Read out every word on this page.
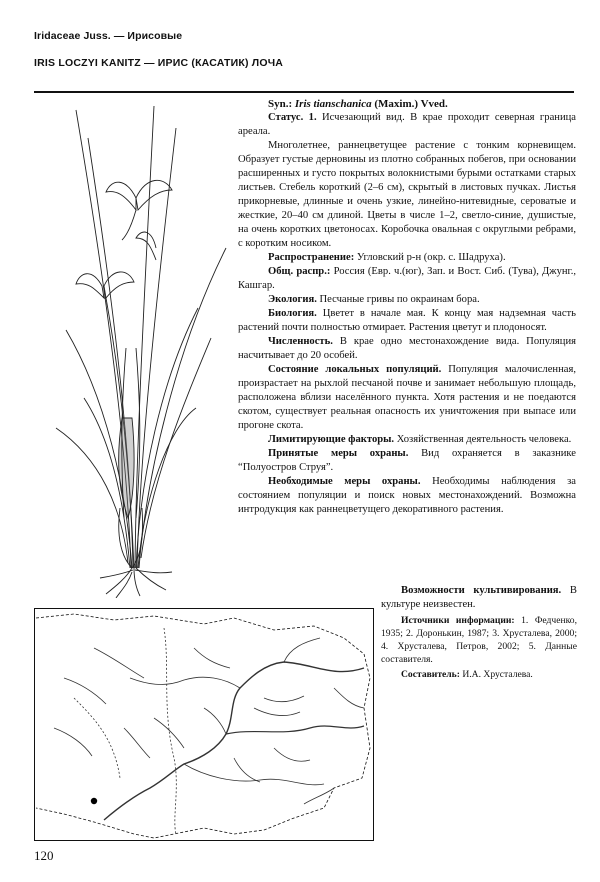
Iridaceae Juss. — Ирисовые
IRIS LOCZYI KANITZ — ИРИС (КАСАТИК) ЛОЧА

Syn.: Iris tianschanica (Maxim.) Vved.

Статус. 1. Исчезающий вид. В крае проходит северная граница ареала.

Многолетнее, раннецветущее растение с тонким корневищем. Образует густые дерновины из плотно собранных побегов, при основании расширенных и густо покрытых волокнистыми бурыми остатками старых листьев. Стебель короткий (2–6 см), скрытый в листовых пучках. Листья прикорневые, длинные и очень узкие, линейно-нитевидные, сероватые и жесткие, 20–40 см длиной. Цветы в числе 1–2, светло-синие, душистые, на очень коротких цветоносах. Коробочка овальная с округлыми ребрами, с коротким носиком.

Распространение: Угловский р-н (окр. с. Шадруха).

Общ. распр.: Россия (Евр. ч.(юг), Зап. и Вост. Сиб. (Тува), Джунг., Кашгар.

Экология. Песчаные гривы по окраинам бора.

Биология. Цветет в начале мая. К концу мая надземная часть растений почти полностью отмирает. Растения цветут и плодоносят.

Численность. В крае одно местонахождение вида. Популяция насчитывает до 20 особей.

Состояние локальных популяций. Популяция малочисленная, произрастает на рыхлой песчаной почве и занимает небольшую площадь, расположена вблизи населённого пункта. Хотя растения и не поедаются скотом, существует реальная опасность их уничтожения при выпасе или прогоне скота.

Лимитирующие факторы. Хозяйственная деятельность человека.

Принятые меры охраны. Вид охраняется в заказнике “Полуостров Струя”.

Необходимые меры охраны. Необходимы наблюдения за состоянием популяции и поиск новых местонахождений. Возможна интродукция как раннецветущего декоративного растения.

Возможности культивирования. В культуре неизвестен.

Источники информации: 1. Федченко, 1935; 2. Доронькин, 1987; 3. Хрусталева, 2000; 4. Хрусталева, Петров, 2002; 5. Данные составителя.

Составитель: И.А. Хрусталева.

120
